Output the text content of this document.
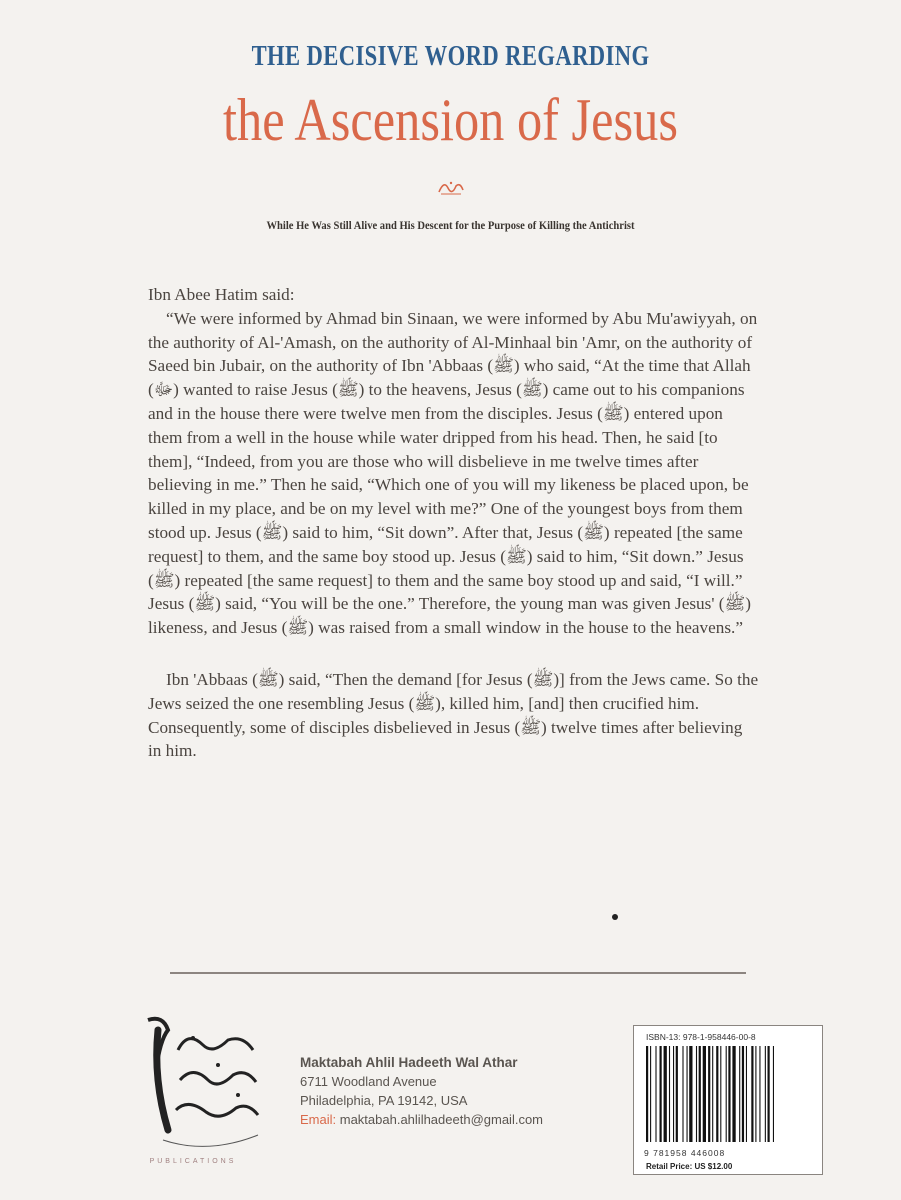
THE DECISIVE WORD REGARDING
the Ascension of Jesus
While He Was Still Alive and His Descent for the Purpose of Killing the Antichrist

Ibn Abee Hatim said:

“We were informed by Ahmad bin Sinaan, we were informed by Abu Mu'awiyyah, on the authority of Al-'Amash, on the authority of Al-Minhaal bin 'Amr, on the authority of Saeed bin Jubair, on the authority of Ibn 'Abbaas (ﷺ) who said, “At the time that Allah (ﷻ) wanted to raise Jesus (ﷺ) to the heavens, Jesus (ﷺ) came out to his companions and in the house there were twelve men from the disciples. Jesus (ﷺ) entered upon them from a well in the house while water dripped from his head. Then, he said [to them], “Indeed, from you are those who will disbelieve in me twelve times after believing in me.” Then he said, “Which one of you will my likeness be placed upon, be killed in my place, and be on my level with me?” One of the youngest boys from them stood up. Jesus (ﷺ) said to him, “Sit down”. After that, Jesus (ﷺ) repeated [the same request] to them, and the same boy stood up. Jesus (ﷺ) said to him, “Sit down.” Jesus (ﷺ) repeated [the same request] to them and the same boy stood up and said, “I will.” Jesus (ﷺ) said, “You will be the one.” Therefore, the young man was given Jesus' (ﷺ) likeness, and Jesus (ﷺ) was raised from a small window in the house to the heavens.”

Ibn 'Abbaas (ﷺ) said, “Then the demand [for Jesus (ﷺ)] from the Jews came. So the Jews seized the one resembling Jesus (ﷺ), killed him, [and] then crucified him. Consequently, some of disciples disbelieved in Jesus (ﷺ) twelve times after believing in him.

PUBLICATIONS
Maktabah Ahlil Hadeeth Wal Athar
6711 Woodland Avenue
Philadelphia, PA 19142, USA
Email: maktabah.ahlilhadeeth@gmail.com
ISBN-13: 978-1-958446-00-8
9 781958 446008
Retail Price: US $12.00
